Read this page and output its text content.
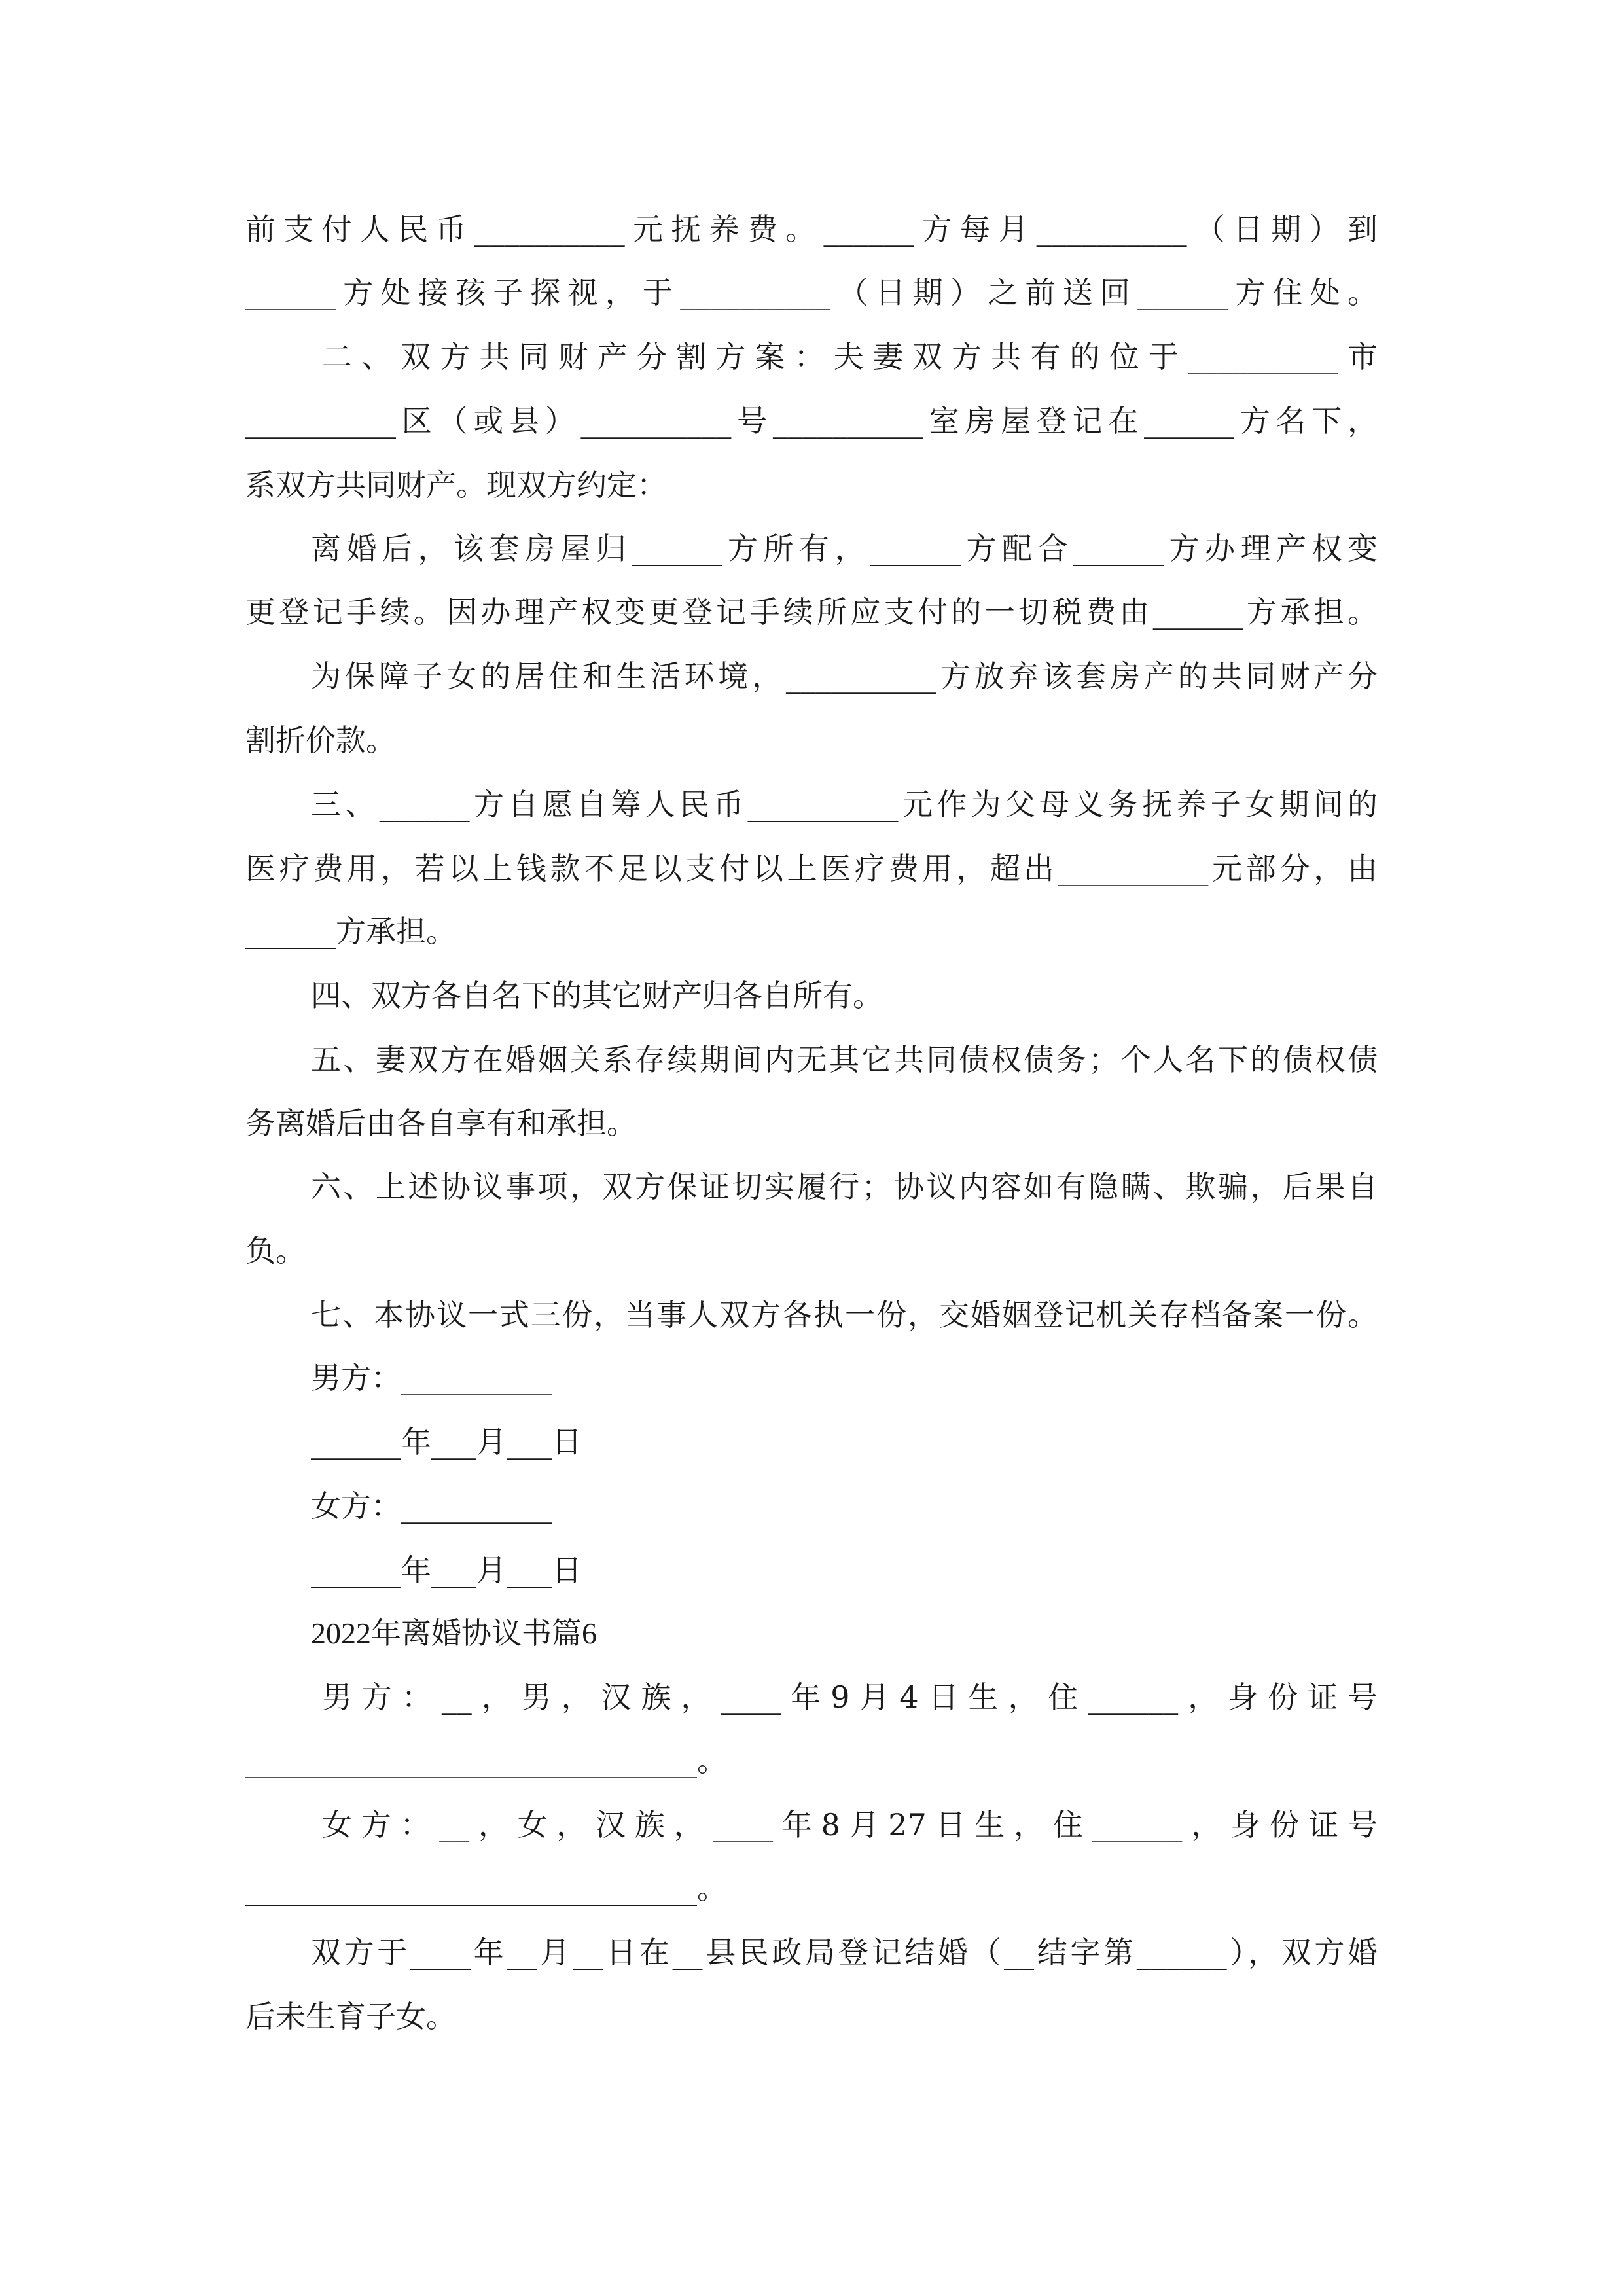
前支付人民币__________元抚养费。______方每月__________（日期）到
______方处接孩子探视，于__________（日期）之前送回______方住处。
二、双方共同财产分割方案：夫妻双方共有的位于__________市
__________区（或县）__________号__________室房屋登记在______方名下，
系双方共同财产。现双方约定：
离婚后，该套房屋归______方所有，______方配合______方办理产权变
更登记手续。因办理产权变更登记手续所应支付的一切税费由______方承担。
为保障子女的居住和生活环境，__________方放弃该套房产的共同财产分
割折价款。
三、______方自愿自筹人民币__________元作为父母义务抚养子女期间的
医疗费用，若以上钱款不足以支付以上医疗费用，超出__________元部分，由
______方承担。
四、双方各自名下的其它财产归各自所有。
五、妻双方在婚姻关系存续期间内无其它共同债权债务；个人名下的债权债
务离婚后由各自享有和承担。
六、上述协议事项，双方保证切实履行；协议内容如有隐瞒、欺骗，后果自
负。
七、本协议一式三份，当事人双方各执一份，交婚姻登记机关存档备案一份。
男方：__________
______年___月___日
女方：__________
______年___月___日
2022年离婚协议书篇6
男方：__，男，汉族，____年9月4日生，住______，身份证号
______________________________。
女方：__，女，汉族，____年8月27日生，住______，身份证号
______________________________。
双方于____年__月__日在__县民政局登记结婚（__结字第______），双方婚
后未生育子女。
